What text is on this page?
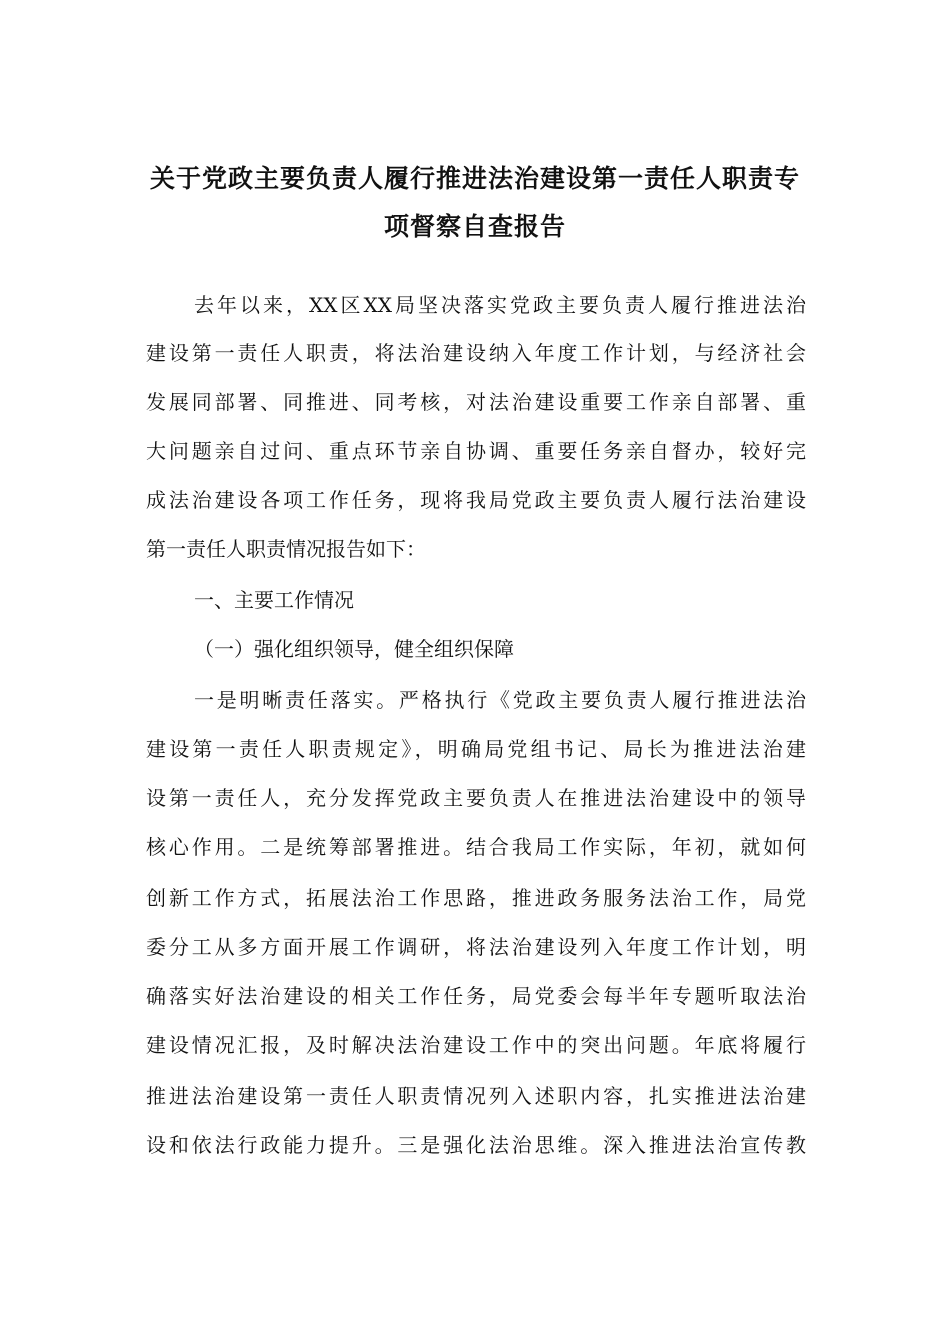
关于党政主要负责人履行推进法治建设第一责任人职责专
项督察自查报告
去年以来，XX区XX局坚决落实党政主要负责人履行推进法治
建设第一责任人职责，将法治建设纳入年度工作计划，与经济社会
发展同部署、同推进、同考核，对法治建设重要工作亲自部署、重
大问题亲自过问、重点环节亲自协调、重要任务亲自督办，较好完
成法治建设各项工作任务，现将我局党政主要负责人履行法治建设
第一责任人职责情况报告如下：
一、主要工作情况
（一）强化组织领导，健全组织保障
一是明晰责任落实。严格执行《党政主要负责人履行推进法治
建设第一责任人职责规定》，明确局党组书记、局长为推进法治建
设第一责任人，充分发挥党政主要负责人在推进法治建设中的领导
核心作用。二是统筹部署推进。结合我局工作实际，年初，就如何
创新工作方式，拓展法治工作思路，推进政务服务法治工作，局党
委分工从多方面开展工作调研，将法治建设列入年度工作计划，明
确落实好法治建设的相关工作任务，局党委会每半年专题听取法治
建设情况汇报，及时解决法治建设工作中的突出问题。年底将履行
推进法治建设第一责任人职责情况列入述职内容，扎实推进法治建
设和依法行政能力提升。三是强化法治思维。深入推进法治宣传教
